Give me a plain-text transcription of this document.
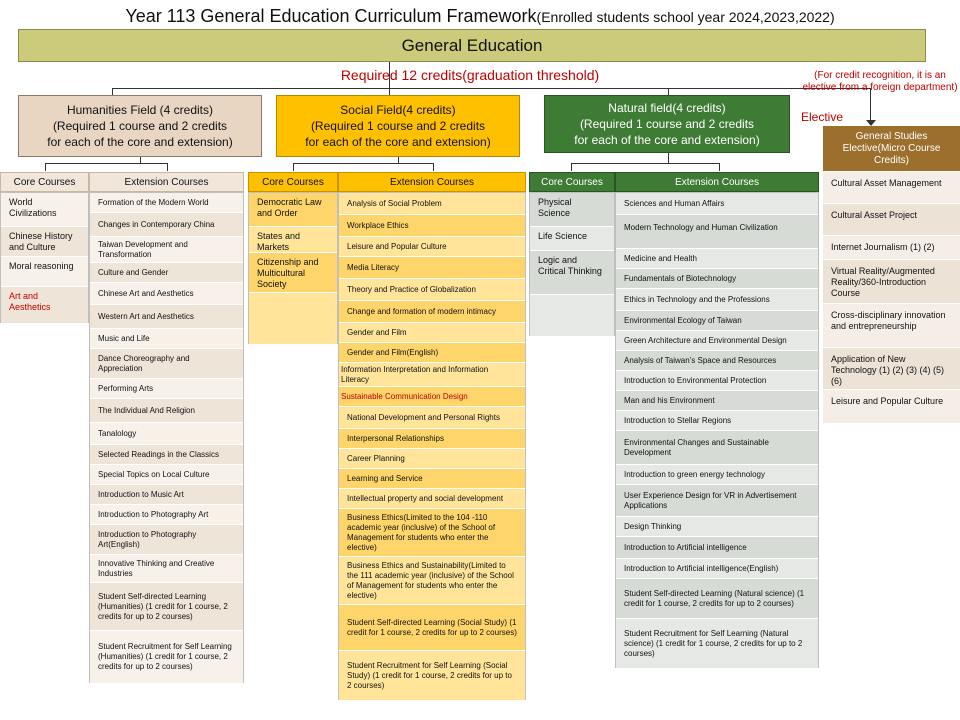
Year 113 General Education Curriculum Framework(Enrolled students school year 2024,2023,2022)
General Education
Required 12 credits(graduation threshold)	(For credit recognition, it is an elective from a foreign department)
Elective
Humanities Field (4 credits)
(Required 1 course and 2 credits
for each of the core and extension)
Social Field(4 credits)
(Required 1 course and 2 credits
for each of the core and extension)
Natural field(4 credits)
(Required 1 course and 2 credits
for each of the core and extension)
Core Courses	Extension Courses	Core Courses	Extension Courses	Core Courses	Extension Courses
World Civilizations
Chinese History and Culture
Moral reasoning
Art and Aesthetics
Formation of the Modern World
Changes in Contemporary China
Taiwan Development and Transformation
Culture and Gender
Chinese Art and Aesthetics
Western Art and Aesthetics
Music and Life
Dance Choreography and Appreciation
Performing Arts
The Individual And Religion
Tanalology
Selected Readings in the Classics
Special Topics on Local Culture
Introduction to Music Art
Introduction to Photography Art
Introduction to Photography Art(English)
Innovative Thinking and Creative Industries
Student Self-directed Learning (Humanities) (1 credit for 1 course, 2 credits for up to 2 courses)
Student Recruitment for Self Learning (Humanities) (1 credit for 1 course, 2 credits for up to 2 courses)
Democratic Law and Order
States and Markets
Citizenship and Multicultural Society
Analysis of Social Problem
Workplace Ethics
Leisure and Popular Culture
Media Literacy
Theory and Practice of Globalization
Change and formation of modern intimacy
Gender and Film
Gender and Film(English)
Information Interpretation and Information Literacy
Sustainable Communication Design
National Development and Personal Rights
Interpersonal Relationships
Career Planning
Learning and Service
Intellectual property and social development
Business Ethics(Limited to the 104 -110 academic year (inclusive) of the School of Management for students who enter the elective)
Business Ethics and Sustainability(Limited to the 111 academic year (inclusive) of the School of Management for students who enter the elective)
Student Self-directed Learning (Social Study) (1 credit for 1 course, 2 credits for up to 2 courses)
Student Recruitment for Self Learning (Social Study) (1 credit for 1 course, 2 credits for up to 2 courses)
Physical Science
Life Science
Logic and Critical Thinking
Sciences and Human Affairs
Modern Technology and Human Civilization
Medicine and Health
Fundamentals of Biotechnology
Ethics in Technology and the Professions
Environmental Ecology of Taiwan
Green Architecture and Environmental Design
Analysis of Taiwan’s Space and Resources
Introduction to Environmental Protection
Man and his Environment
Introduction to Stellar Regions
Environmental Changes and Sustainable Development
Introduction to green energy technology
User Experience Design for VR in Advertisement Applications
Design Thinking
Introduction to Artificial intelligence
Introduction to Artificial intelligence(English)
Student Self-directed Learning (Natural science) (1 credit for 1 course, 2 credits for up to 2 courses)
Student Recruitment for Self Learning (Natural science) (1 credit for 1 course, 2 credits for up to 2 courses)
General Studies Elective(Micro Course Credits)
Cultural Asset Management
Cultural Asset Project
Internet Journalism (1) (2)
Virtual Reality/Augmented Reality/360-Introduction Course
Cross-disciplinary innovation and entrepreneurship
Application of New Technology (1) (2) (3) (4) (5) (6)
Leisure and Popular Culture
